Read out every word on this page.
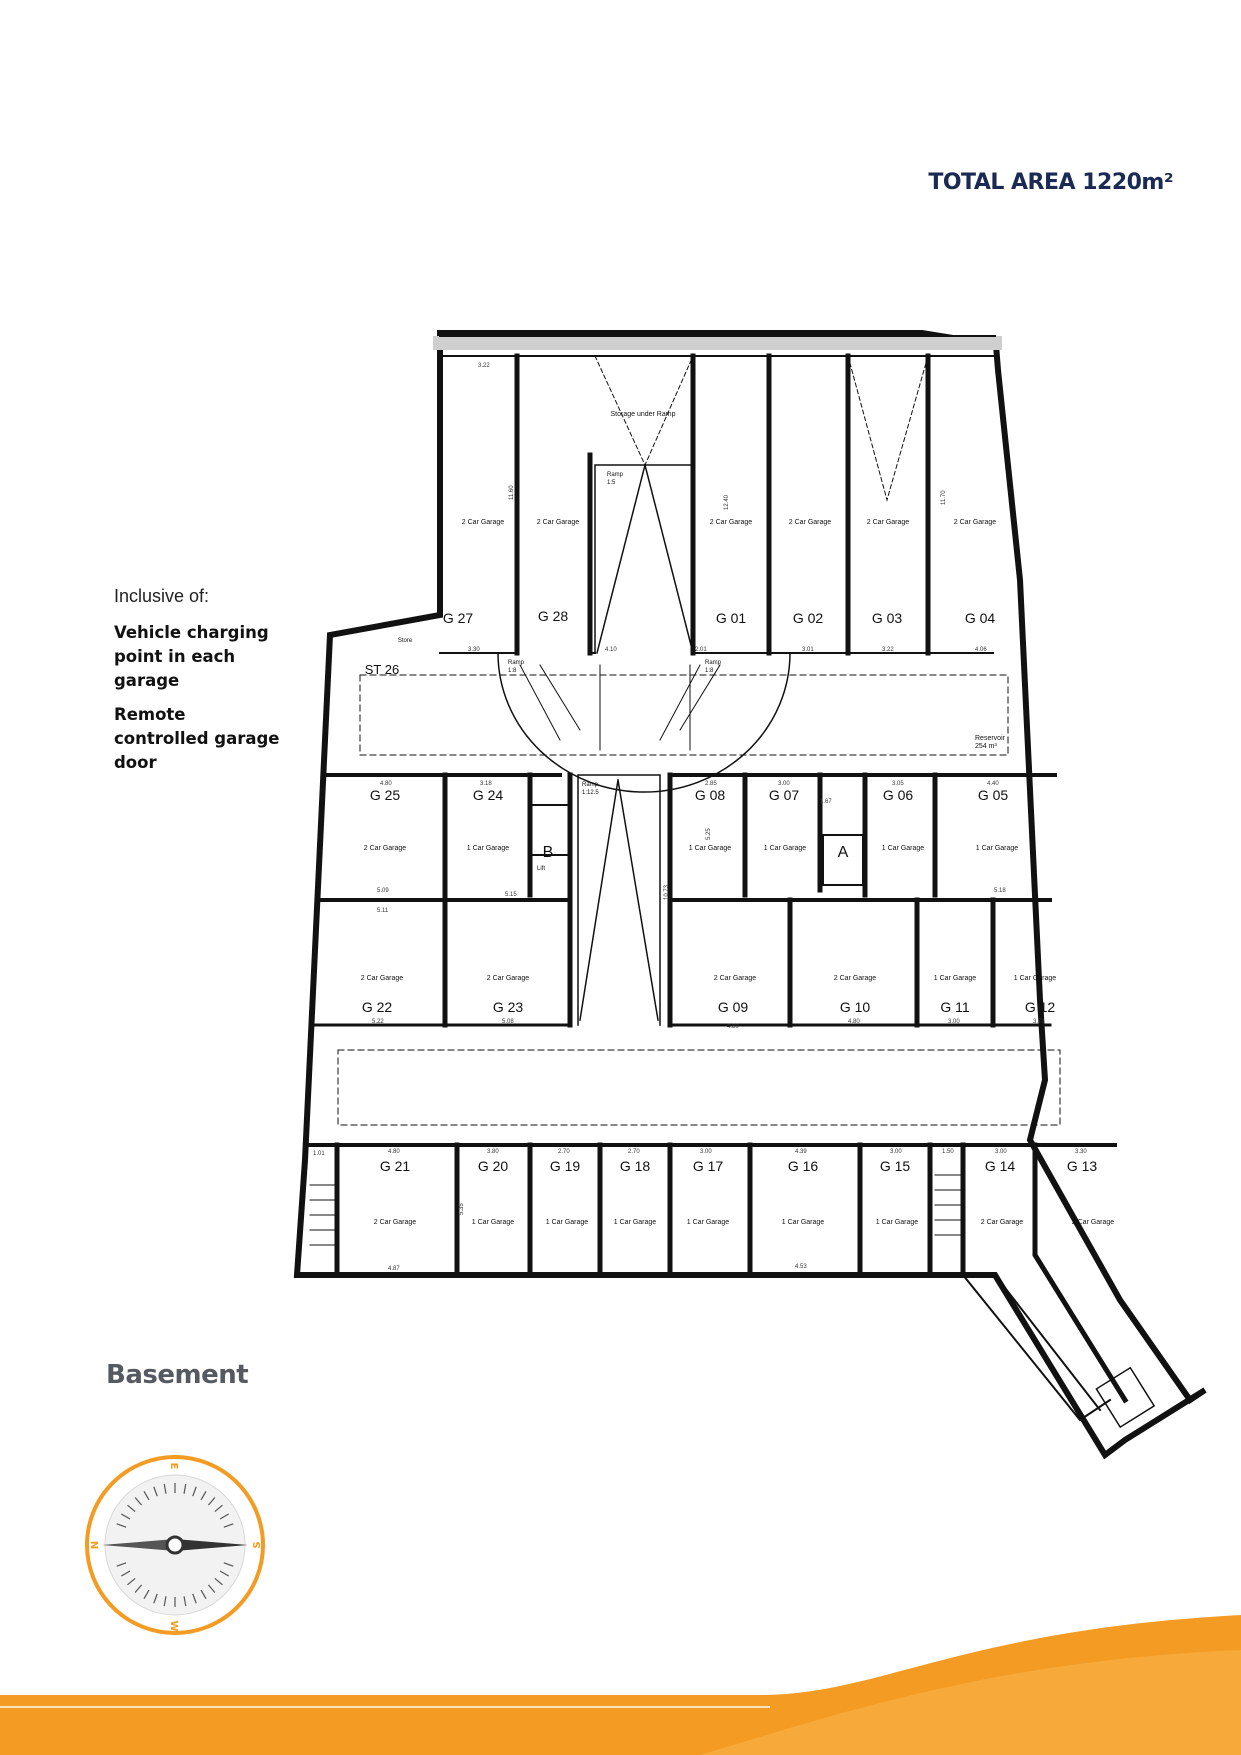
TOTAL AREA 1220m²

Inclusive of:

Vehicle charging point in each garage

Remote controlled garage door

Basement
G 27	G 28	G 01	G 02	G 03	G 04
2 Car Garage	2 Car Garage	2 Car Garage	2 Car Garage	2 Car Garage	2 Car Garage
G 25	G 24	G 08	G 07	G 06	G 05
2 Car Garage	1 Car Garage	1 Car Garage	1 Car Garage	1 Car Garage	1 Car Garage
2 Car Garage	2 Car Garage	2 Car Garage	2 Car Garage	1 Car Garage	1 Car Garage
G 22	G 23	G 09	G 10	G 11	G 12
G 21	G 20	G 19	G 18	G 17	G 16	G 15	G 14	G 13
2 Car Garage	1 Car Garage	1 Car Garage	1 Car Garage	1 Car Garage	1 Car Garage	1 Car Garage	2 Car Garage	2 Car Garage
ST 26
Store
Storage under Ramp
Ramp
1:5
Ramp
1:8
Ramp
1:8
Ramp
1:12.5
Reservoir
254 m³
B	A
Lift
3.22
11.60
12.40	11.70
3.30	4.10	2.01	3.01	3.22	4.06
4.80	3.18	2.85	3.00	3.05	4.40
5.09
5.15
5.18
5.11
5.22	5.08
4.80
4.80	3.00	3.71
1.01	4.80	3.80	2.70	2.70	3.00	4.39	3.00	1.50	3.00	3.30
4.87	4.53
10.73
5.35
5.25
1.67
N
E
S
W
